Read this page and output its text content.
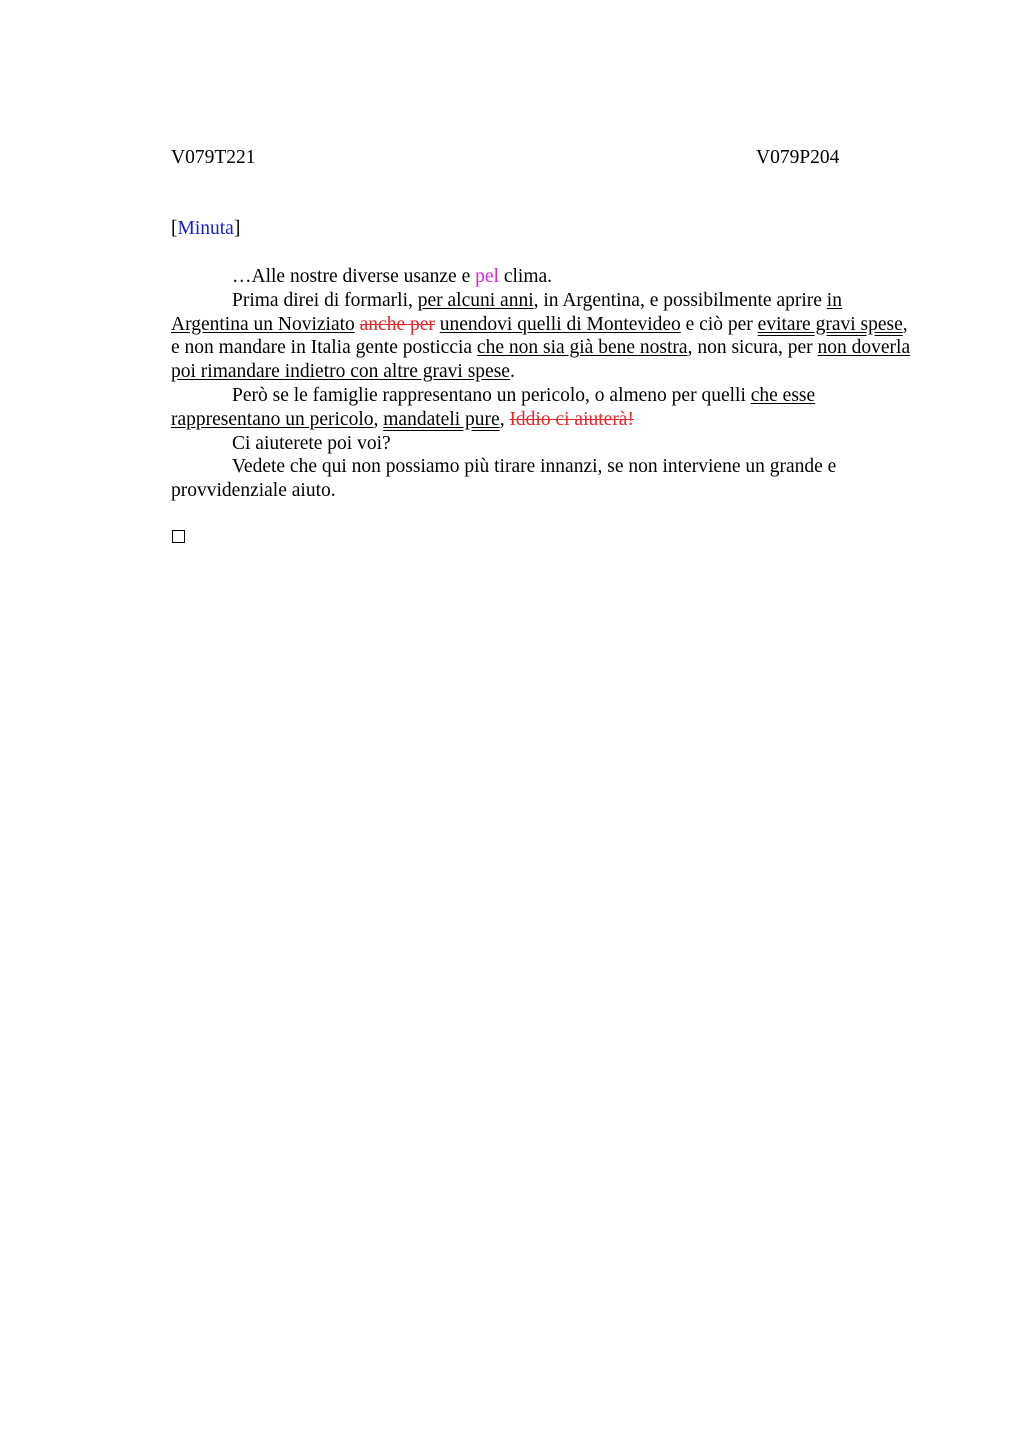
V079T221	V079P204
[Minuta]

…Alle nostre diverse usanze e pel clima.

Prima direi di formarli, per alcuni anni, in Argentina, e possibilmente aprire in Argentina un Noviziato anche per unendovi quelli di Montevideo e ciò per evitare gravi spese, e non mandare in Italia gente posticcia che non sia già bene nostra, non sicura, per non doverla poi rimandare indietro con altre gravi spese.

Però se le famiglie rappresentano un pericolo, o almeno per quelli che esse rappresentano un pericolo, mandateli pure, Iddio ci aiuterà!

Ci aiuterete poi voi?

Vedete che qui non possiamo più tirare innanzi, se non interviene un grande e provvidenziale aiuto.
